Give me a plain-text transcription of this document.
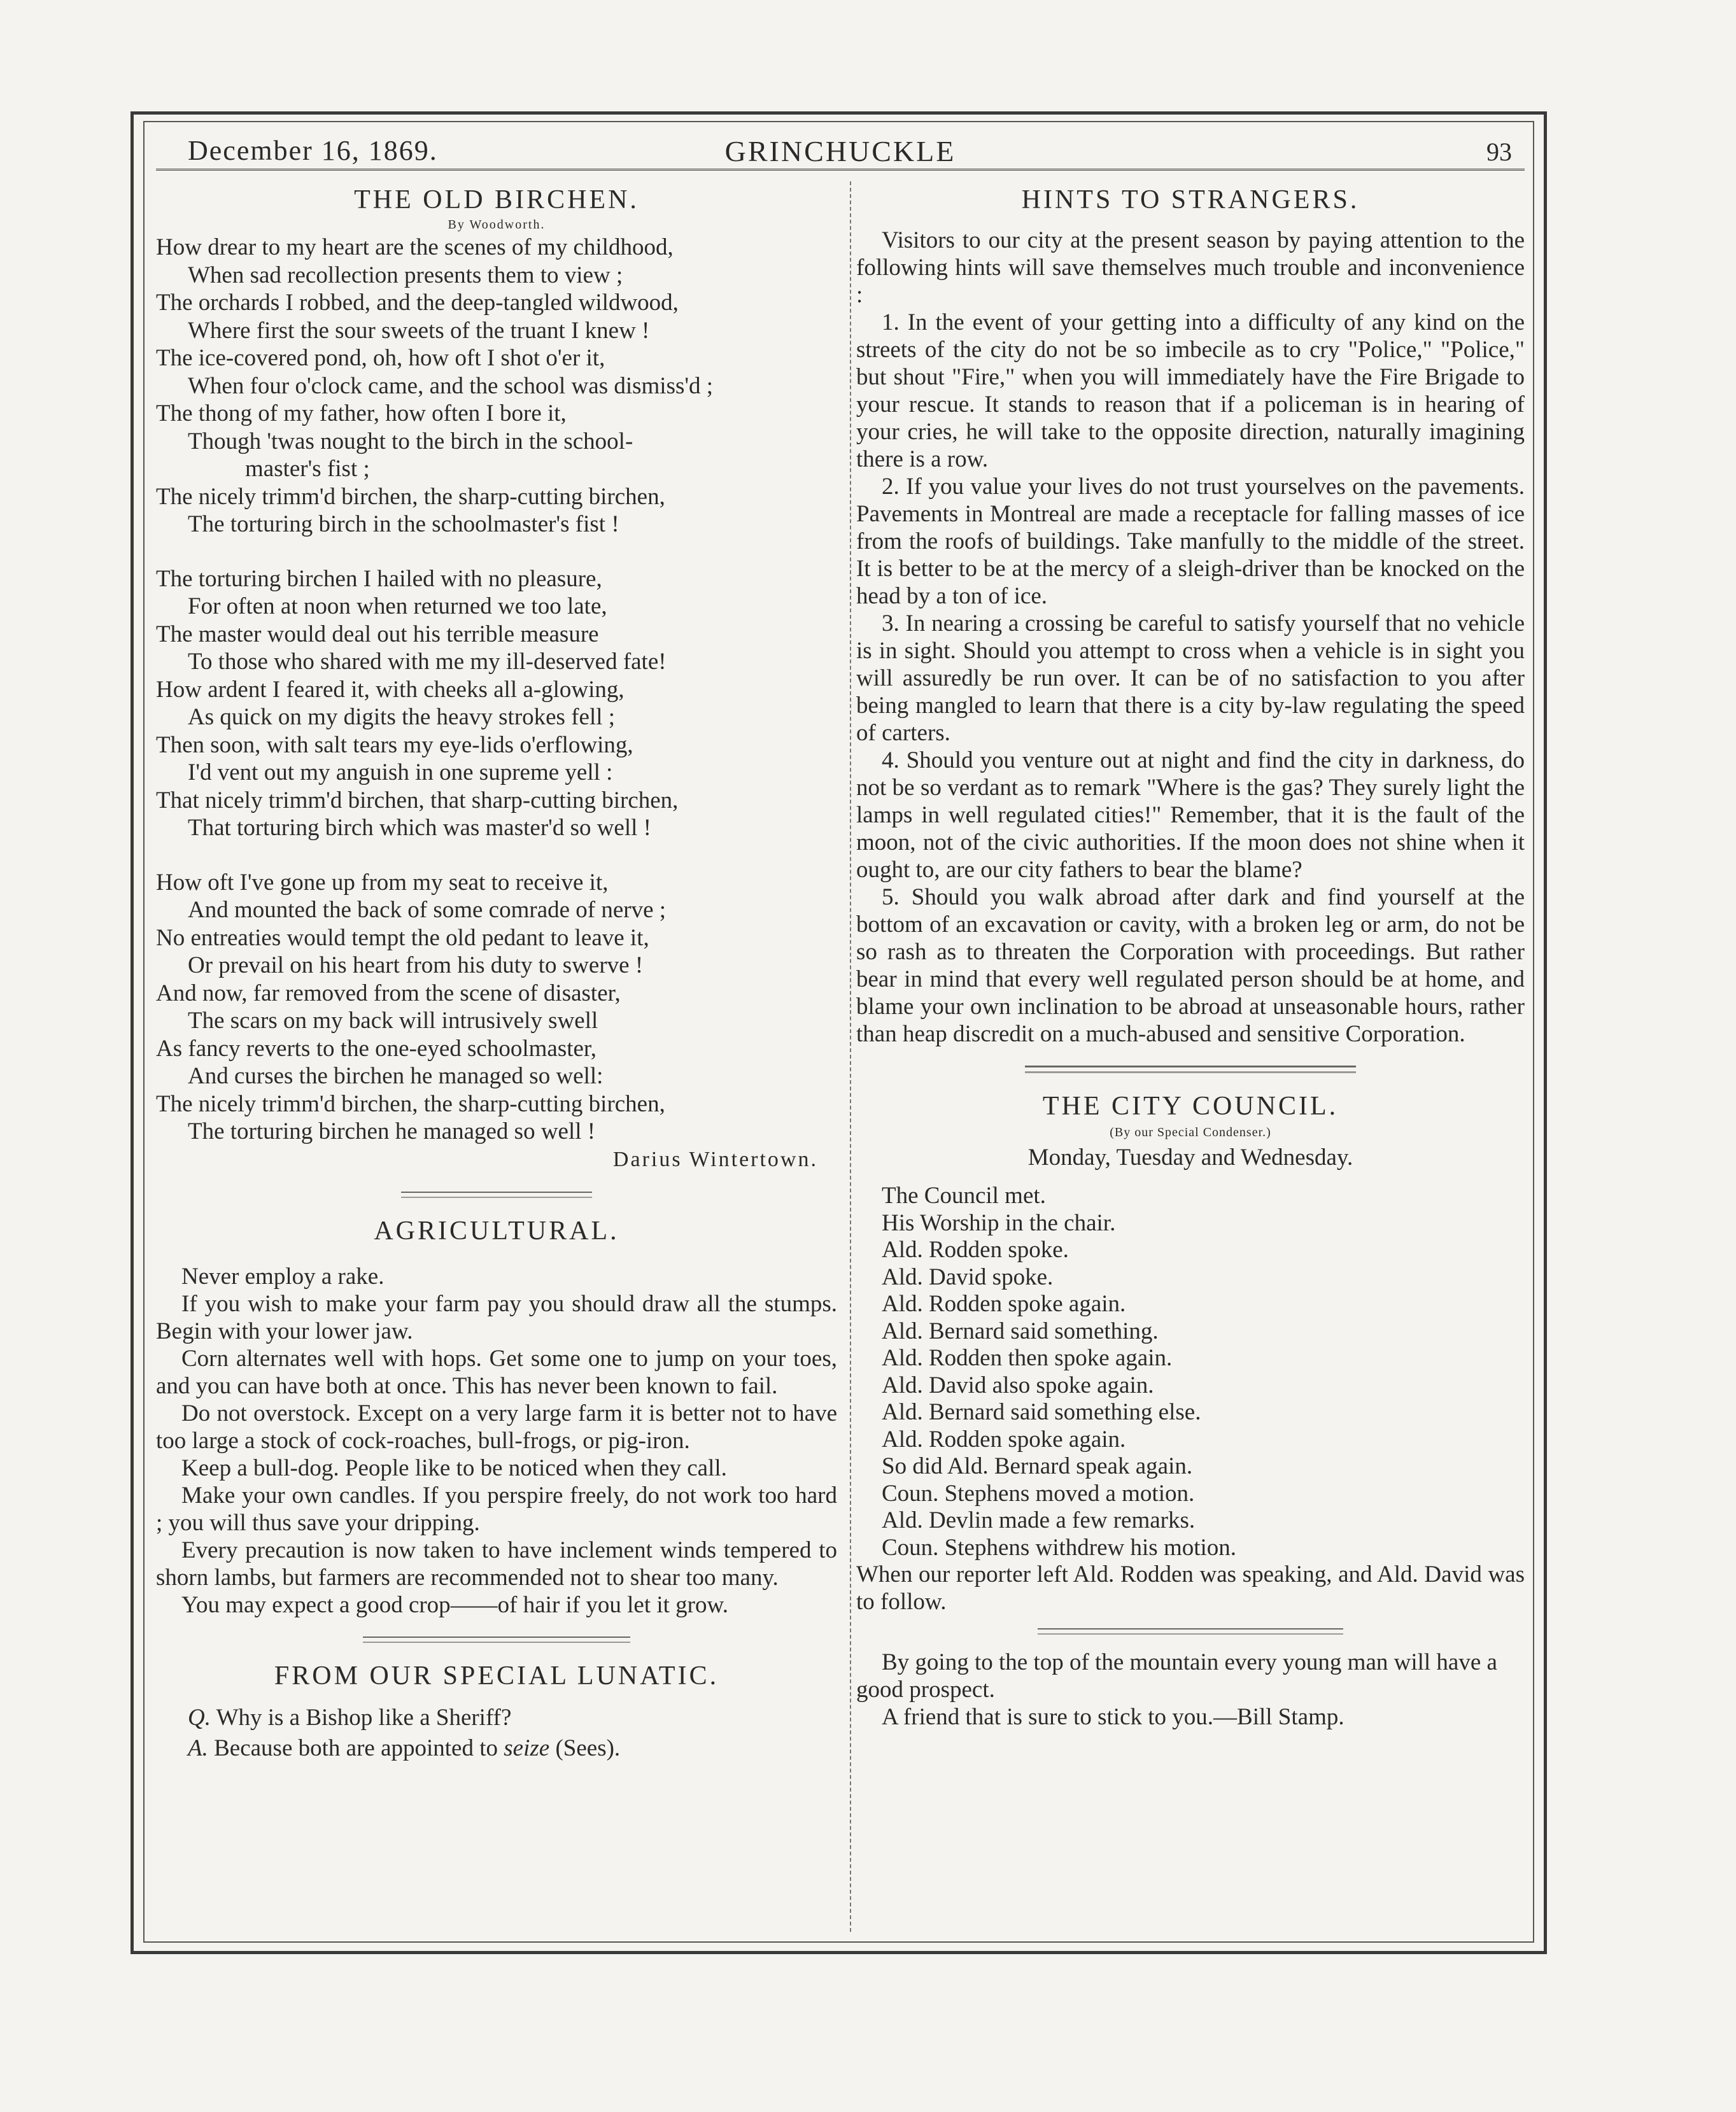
December 16, 1869.	GRINCHUCKLE	93
THE OLD BIRCHEN.
By Woodworth.
How drear to my heart are the scenes of my childhood,
When sad recollection presents them to view ;
The orchards I robbed, and the deep-tangled wildwood,
Where first the sour sweets of the truant I knew !
The ice-covered pond, oh, how oft I shot o'er it,
When four o'clock came, and the school was dismiss'd ;
The thong of my father, how often I bore it,
Though 'twas nought to the birch in the school-
master's fist ;
The nicely trimm'd birchen, the sharp-cutting birchen,
The torturing birch in the schoolmaster's fist !
The torturing birchen I hailed with no pleasure,
For often at noon when returned we too late,
The master would deal out his terrible measure
To those who shared with me my ill-deserved fate!
How ardent I feared it, with cheeks all a-glowing,
As quick on my digits the heavy strokes fell ;
Then soon, with salt tears my eye-lids o'erflowing,
I'd vent out my anguish in one supreme yell :
That nicely trimm'd birchen, that sharp-cutting birchen,
That torturing birch which was master'd so well !
How oft I've gone up from my seat to receive it,
And mounted the back of some comrade of nerve ;
No entreaties would tempt the old pedant to leave it,
Or prevail on his heart from his duty to swerve !
And now, far removed from the scene of disaster,
The scars on my back will intrusively swell
As fancy reverts to the one-eyed schoolmaster,
And curses the birchen he managed so well:
The nicely trimm'd birchen, the sharp-cutting birchen,
The torturing birchen he managed so well !
Darius Wintertown.
AGRICULTURAL.

Never employ a rake.

If you wish to make your farm pay you should draw all the stumps. Begin with your lower jaw.

Corn alternates well with hops. Get some one to jump on your toes, and you can have both at once. This has never been known to fail.

Do not overstock. Except on a very large farm it is better not to have too large a stock of cock-roaches, bull-frogs, or pig-iron.

Keep a bull-dog. People like to be noticed when they call.

Make your own candles. If you perspire freely, do not work too hard ; you will thus save your dripping.

Every precaution is now taken to have inclement winds tempered to shorn lambs, but farmers are recommended not to shear too many.

You may expect a good crop——of hair if you let it grow.

FROM OUR SPECIAL LUNATIC.
Q. Why is a Bishop like a Sheriff?
A. Because both are appointed to seize (Sees).
HINTS TO STRANGERS.

Visitors to our city at the present season by paying attention to the following hints will save themselves much trouble and inconvenience :

1. In the event of your getting into a difficulty of any kind on the streets of the city do not be so imbecile as to cry "Police," "Police," but shout "Fire," when you will immediately have the Fire Brigade to your rescue. It stands to reason that if a policeman is in hearing of your cries, he will take to the opposite direction, naturally imagining there is a row.

2. If you value your lives do not trust yourselves on the pavements. Pavements in Montreal are made a receptacle for falling masses of ice from the roofs of buildings. Take manfully to the middle of the street. It is better to be at the mercy of a sleigh-driver than be knocked on the head by a ton of ice.

3. In nearing a crossing be careful to satisfy yourself that no vehicle is in sight. Should you attempt to cross when a vehicle is in sight you will assuredly be run over. It can be of no satisfaction to you after being mangled to learn that there is a city by-law regulating the speed of carters.

4. Should you venture out at night and find the city in darkness, do not be so verdant as to remark "Where is the gas? They surely light the lamps in well regulated cities!" Remember, that it is the fault of the moon, not of the civic authorities. If the moon does not shine when it ought to, are our city fathers to bear the blame?

5. Should you walk abroad after dark and find yourself at the bottom of an excavation or cavity, with a broken leg or arm, do not be so rash as to threaten the Corporation with proceedings. But rather bear in mind that every well regulated person should be at home, and blame your own inclination to be abroad at unseasonable hours, rather than heap discredit on a much-abused and sensitive Corporation.

THE CITY COUNCIL.
(By our Special Condenser.)
Monday, Tuesday and Wednesday.
The Council met.
His Worship in the chair.
Ald. Rodden spoke.
Ald. David spoke.
Ald. Rodden spoke again.
Ald. Bernard said something.
Ald. Rodden then spoke again.
Ald. David also spoke again.
Ald. Bernard said something else.
Ald. Rodden spoke again.
So did Ald. Bernard speak again.
Coun. Stephens moved a motion.
Ald. Devlin made a few remarks.
Coun. Stephens withdrew his motion.
When our reporter left Ald. Rodden was speaking, and Ald. David was to follow.

By going to the top of the mountain every young man will have a good prospect.

A friend that is sure to stick to you.—Bill Stamp.
